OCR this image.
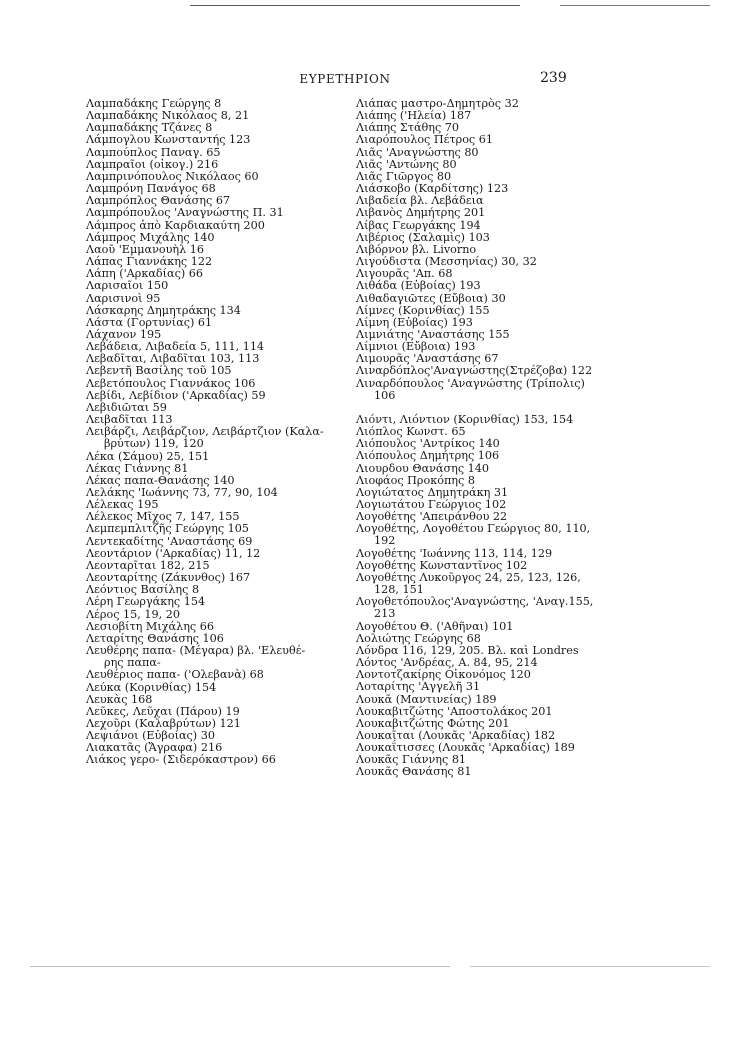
ΕΥΡΕΤΗΡΙΟΝ	239
Λαμπαδάκης Γεώργης 8
Λαμπαδάκης Νικόλαος 8, 21
Λαμπαδάκης Τζάνες 8
Λάμπογλου Κωνσταντής 123
Λαμπούπλος Παναγ. 65
Λαμπραῖοι (οἰκογ.) 216
Λαμπρινόπουλος Νικόλαος 60
Λαμπρόνη Πανάγος 68
Λαμπρόπλος Θανάσης 67
Λαμπρόπουλος 'Αναγνώστης Π. 31
Λάμπρος ἀπὸ Καρδιακαύτη 200
Λάμπρος Μιχάλης 140
Λαοῦ 'Εμμανουὴλ 16
Λάπας Γιαννάκης 122
Λάπη ('Αρκαδίας) 66
Λαρισαῖοι 150
Λαρισινοὶ 95
Λάσκαρης Δημητράκης 134
Λάστα (Γορτυνίας) 61
Λάχανον 195
Λεβάδεια, Λιβαδεία 5, 111, 114
Λεβαδῖται, Λιβαδῖται 103, 113
Λεβεντῆ Βασίλης τοῦ 105
Λεβετόπουλος Γιαννάκος 106
Λεβίδι, Λεβίδιον ('Αρκαδίας) 59
Λεβιδιῶται 59
Λειβαδῖται 113
Λειβάρζι, Λειβάρζιον, Λειβάρτζιον (Καλα-
βρύτων) 119, 120
Λέκα (Σάμου) 25, 151
Λέκας Γιάννης 81
Λέκας παπα-Θανάσης 140
Λελάκης 'Ιωάννης 73, 77, 90, 104
Λέλεκας 195
Λέλεκος Μῖχος 7, 147, 155
Λεμπεμπλιτζῆς Γεώργης 105
Λεντεκαδίτης 'Αναστάσης 69
Λεοντάριον ('Αρκαδίας) 11, 12
Λεονταρῖται 182, 215
Λεονταρίτης (Ζάκυνθος) 167
Λεόντιος Βασίλης 8
Λέρη Γεωργάκης 154
Λέρος 15, 19, 20
Λεσιοβίτη Μιχάλης 66
Λεταρίτης Θανάσης 106
Λευθέρης παπα- (Μέγαρα) βλ. 'Ελευθέ-
ρης παπα-
Λευθέριος παπα- ('Ολεβανὰ) 68
Λεύκα (Κορινθίας) 154
Λευκὰς 168
Λεῦκες, Λεῦχαι (Πάρου) 19
Λεχοῦρι (Καλαβρύτων) 121
Λεψιάνοι (Εὐβοίας) 30
Λιακατᾶς (Ἄγραφα) 216
Λιάκος γερο- (Σιδερόκαστρον) 66
Λιάπας μαστρο-Δημητρὸς 32
Λιάπης ('Ηλεία) 187
Λιάπης Στάθης 70
Λιαρόπουλος Πέτρος 61
Λιᾶς 'Αναγνώστης 80
Λιᾶς 'Αντώνης 80
Λιᾶς Γιῶργος 80
Λιάσκοβο (Καρδίτσης) 123
Λιβαδεία βλ. Λεβάδεια
Λιβανὸς Δημήτρης 201
Λίβας Γεωργάκης 194
Λιβέριος (Σαλαμὶς) 103
Λιβόρνον βλ. Livorno
Λιγούδιστα (Μεσσηνίας) 30, 32
Λιγουρᾶς 'Απ. 68
Λιθάδα (Εὐβοίας) 193
Λιθαδαγιῶτες (Εὔβοια) 30
Λίμνες (Κορινθίας) 155
Λίμνη (Εὐβοίας) 193
Λιμνιάτης 'Αναστάσης 155
Λίμνιοι (Εὔβοια) 193
Λιμουρᾶς 'Αναστάσης 67
Λιναρδόπλος'Αναγνώστης(Στρέζοβα) 122
Λιναρδόπουλος 'Αναγνώστης (Τρίπολις)
106
Λιόντι, Λιόντιον (Κορινθίας) 153, 154
Λιόπλος Κωνστ. 65
Λιόπουλος 'Αντρίκος 140
Λιόπουλος Δημήτρης 106
Λιουρδου Θανάσης 140
Λιοφάος Προκόπης 8
Λογιώτατος Δημητράκη 31
Λογιωτάτου Γεώργιος 102
Λογοθέτης 'Απειράνθου 22
Λογοθέτης, Λογοθέτου Γεώργιος 80, 110,
192
Λογοθέτης 'Ιωάννης 113, 114, 129
Λογοθέτης Κωνσταντῖνος 102
Λογοθέτης Λυκοῦργος 24, 25, 123, 126,
128, 151
Λογοθετόπουλος'Αναγνώστης, 'Αναγ.155,
213
Λογοθέτου Θ. ('Αθῆναι) 101
Λολιώτης Γεώργης 68
Λόνδρα 116, 129, 205. Βλ. καὶ Londres
Λόντος 'Ανδρέας, Α. 84, 95, 214
Λοντοτζακίρης Οἰκονόμος 120
Λοταρίτης 'Αγγελῆ 31
Λουκᾶ (Μαντινείας) 189
Λουκαβιτζώτης 'Αποστολάκος 201
Λουκαβιτζώτης Φώτης 201
Λουκαῖται (Λουκᾶς 'Αρκαδίας) 182
Λουκαΐτισσες (Λουκᾶς 'Αρκαδίας) 189
Λουκᾶς Γιάννης 81
Λουκᾶς Θανάσης 81
